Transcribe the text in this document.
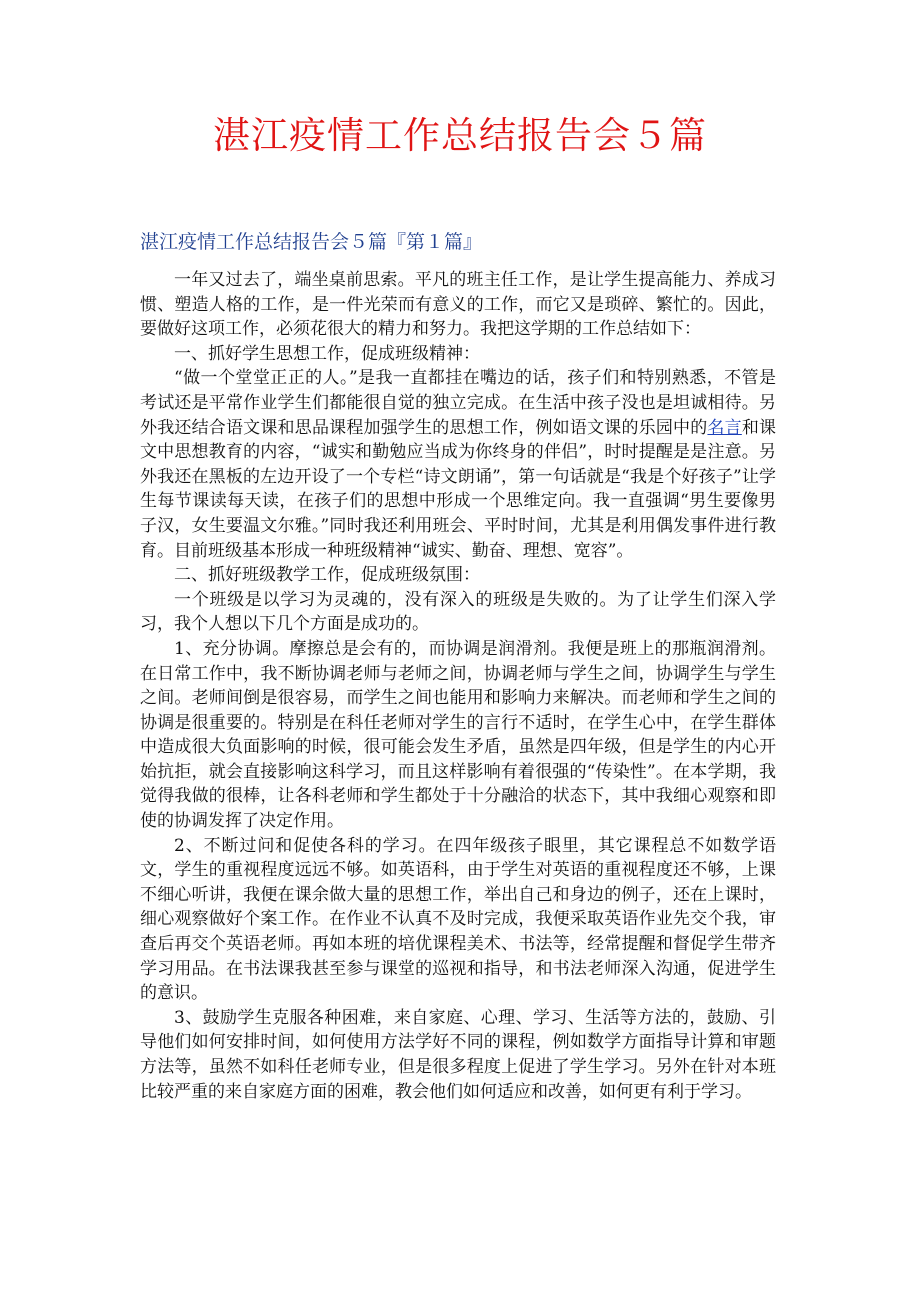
湛江疫情工作总结报告会５篇
湛江疫情工作总结报告会５篇『第１篇』

一年又过去了，端坐桌前思索。平凡的班主任工作，是让学生提高能力、养成习惯、塑造人格的工作，是一件光荣而有意义的工作，而它又是琐碎、繁忙的。因此，要做好这项工作，必须花很大的精力和努力。我把这学期的工作总结如下：

一、抓好学生思想工作，促成班级精神：

“做一个堂堂正正的人。”是我一直都挂在嘴边的话，孩子们和特别熟悉，不管是考试还是平常作业学生们都能很自觉的独立完成。在生活中孩子没也是坦诚相待。另外我还结合语文课和思品课程加强学生的思想工作，例如语文课的乐园中的名言和课文中思想教育的内容，“诚实和勤勉应当成为你终身的伴侣”，时时提醒是是注意。另外我还在黑板的左边开设了一个专栏“诗文朗诵”，第一句话就是“我是个好孩子”让学生每节课读每天读，在孩子们的思想中形成一个思维定向。我一直强调“男生要像男子汉，女生要温文尔雅。”同时我还利用班会、平时时间，尤其是利用偶发事件进行教育。目前班级基本形成一种班级精神“诚实、勤奋、理想、宽容”。

二、抓好班级教学工作，促成班级氛围：

一个班级是以学习为灵魂的，没有深入的班级是失败的。为了让学生们深入学习，我个人想以下几个方面是成功的。

1、充分协调。摩擦总是会有的，而协调是润滑剂。我便是班上的那瓶润滑剂。在日常工作中，我不断协调老师与老师之间，协调老师与学生之间，协调学生与学生之间。老师间倒是很容易，而学生之间也能用和影响力来解决。而老师和学生之间的协调是很重要的。特别是在科任老师对学生的言行不适时，在学生心中，在学生群体中造成很大负面影响的时候，很可能会发生矛盾，虽然是四年级，但是学生的内心开始抗拒，就会直接影响这科学习，而且这样影响有着很强的“传染性”。在本学期，我觉得我做的很棒，让各科老师和学生都处于十分融洽的状态下，其中我细心观察和即使的协调发挥了决定作用。

2、不断过问和促使各科的学习。在四年级孩子眼里，其它课程总不如数学语文，学生的重视程度远远不够。如英语科，由于学生对英语的重视程度还不够，上课不细心听讲，我便在课余做大量的思想工作，举出自己和身边的例子，还在上课时，细心观察做好个案工作。在作业不认真不及时完成，我便采取英语作业先交个我，审查后再交个英语老师。再如本班的培优课程美术、书法等，经常提醒和督促学生带齐学习用品。在书法课我甚至参与课堂的巡视和指导，和书法老师深入沟通，促进学生的意识。

3、鼓励学生克服各种困难，来自家庭、心理、学习、生活等方法的，鼓励、引导他们如何安排时间，如何使用方法学好不同的课程，例如数学方面指导计算和审题方法等，虽然不如科任老师专业，但是很多程度上促进了学生学习。另外在针对本班比较严重的来自家庭方面的困难，教会他们如何适应和改善，如何更有利于学习。
